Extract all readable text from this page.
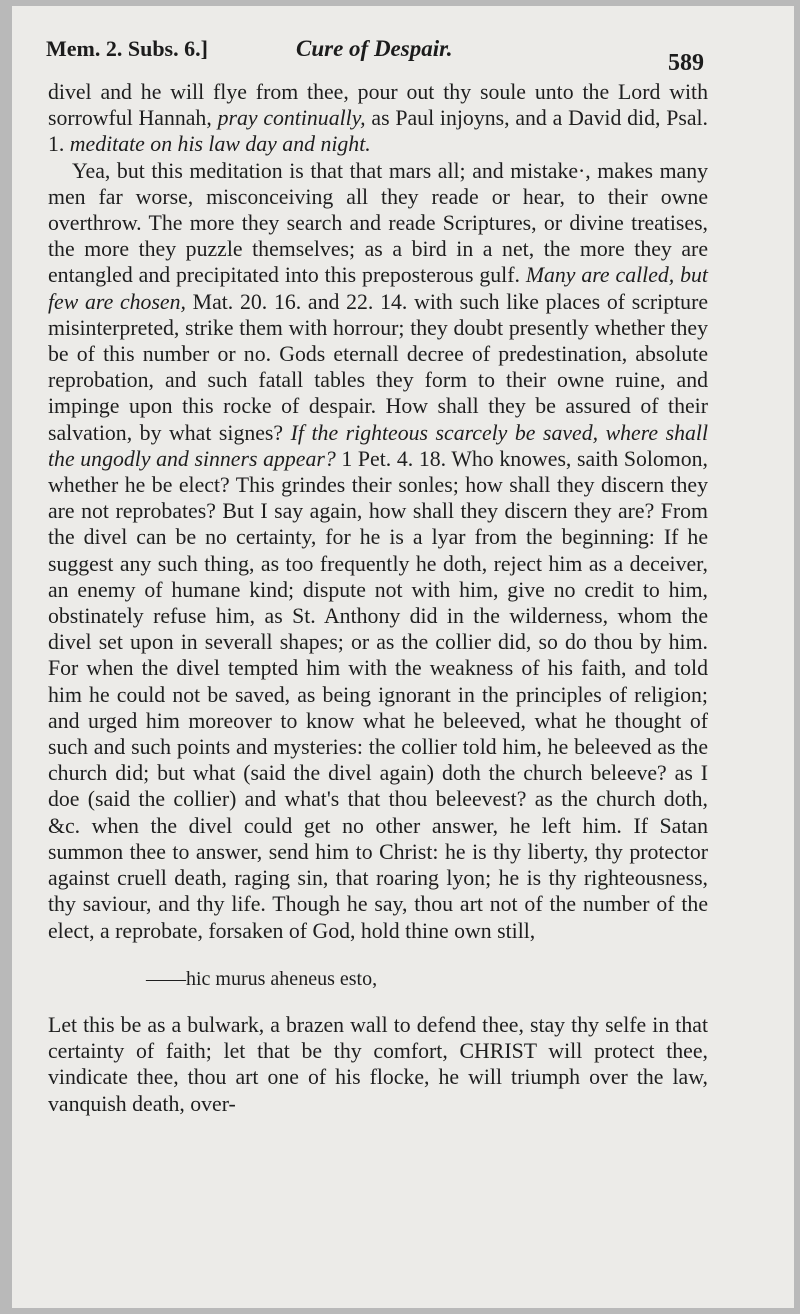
Mem. 2. Subs. 6.]	Cure of Despair.
589

divel and he will flye from thee, pour out thy soule unto the Lord with sorrowful Hannah, pray continually, as Paul injoyns, and a David did, Psal. 1. meditate on his law day and night.

Yea, but this meditation is that that mars all; and mistake·, makes many men far worse, misconceiving all they reade or hear, to their owne overthrow. The more they search and reade Scriptures, or divine treatises, the more they puzzle themselves; as a bird in a net, the more they are entangled and precipitated into this preposterous gulf. Many are called, but few are chosen, Mat. 20. 16. and 22. 14. with such like places of scripture misinterpreted, strike them with horrour; they doubt presently whether they be of this number or no. Gods eternall decree of predestination, absolute reprobation, and such fatall tables they form to their owne ruine, and impinge upon this rocke of despair. How shall they be assured of their salvation, by what signes? If the righteous scarcely be saved, where shall the ungodly and sinners appear? 1 Pet. 4. 18. Who knowes, saith Solomon, whether he be elect? This grindes their sonles; how shall they discern they are not reprobates? But I say again, how shall they discern they are? From the divel can be no certainty, for he is a lyar from the beginning: If he suggest any such thing, as too frequently he doth, reject him as a deceiver, an enemy of humane kind; dispute not with him, give no credit to him, obstinately refuse him, as St. Anthony did in the wilderness, whom the divel set upon in severall shapes; or as the collier did, so do thou by him. For when the divel tempted him with the weakness of his faith, and told him he could not be saved, as being ignorant in the principles of religion; and urged him moreover to know what he beleeved, what he thought of such and such points and mysteries: the collier told him, he beleeved as the church did; but what (said the divel again) doth the church beleeve? as I doe (said the collier) and what's that thou beleevest? as the church doth, &c. when the divel could get no other answer, he left him. If Satan summon thee to answer, send him to Christ: he is thy liberty, thy protector against cruell death, raging sin, that roaring lyon; he is thy righteousness, thy saviour, and thy life. Though he say, thou art not of the number of the elect, a reprobate, forsaken of God, hold thine own still,

——hic murus aheneus esto,

Let this be as a bulwark, a brazen wall to defend thee, stay thy selfe in that certainty of faith; let that be thy comfort, CHRIST will protect thee, vindicate thee, thou art one of his flocke, he will triumph over the law, vanquish death, over-
